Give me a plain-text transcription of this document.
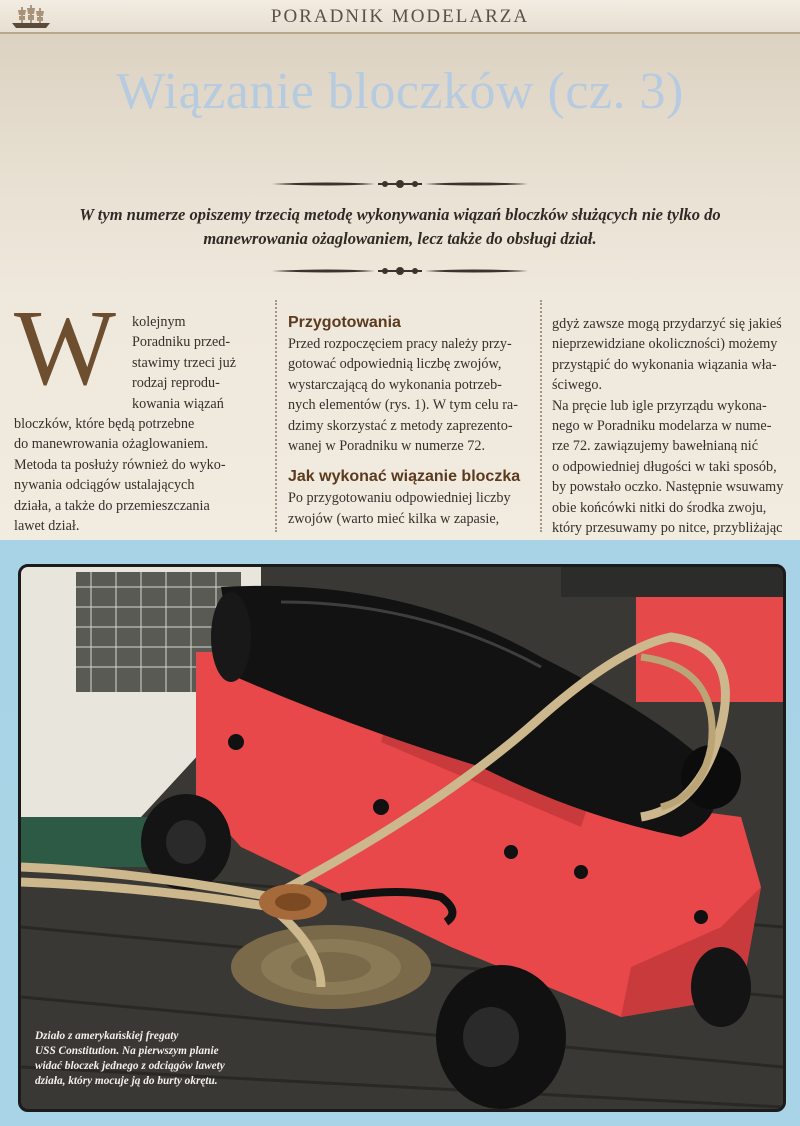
PORADNIK MODELARZA
Wiązanie bloczków (cz. 3)
W tym numerze opiszemy trzecią metodę wykonywania wiązań bloczków służących nie tylko do manewrowania ożaglowaniem, lecz także do obsługi dział.
W	kolejnym
Poradniku przed-
stawimy trzeci już
rodzaj reprodu-
kowania wiązań
bloczków, które będą potrzebne
do manewrowania ożaglowaniem.
Metoda ta posłuży również do wyko-
nywania odciągów ustalających
działa, a także do przemieszczania
lawet dział.
Przygotowania
Przed rozpoczęciem pracy należy przy-
gotować odpowiednią liczbę zwojów,
wystarczającą do wykonania potrzeb-
nych elementów (rys. 1). W tym celu ra-
dzimy skorzystać z metody zaprezento-
wanej w Poradniku w numerze 72.
Jak wykonać wiązanie bloczka
Po przygotowaniu odpowiedniej liczby
zwojów (warto mieć kilka w zapasie,
gdyż zawsze mogą przydarzyć się jakieś
nieprzewidziane okoliczności) możemy
przystąpić do wykonania wiązania wła-
ściwego.
Na pręcie lub igle przyrządu wykona-
nego w Poradniku modelarza w nume-
rze 72. zawiązujemy bawełnianą nić
o odpowiedniej długości w taki sposób,
by powstało oczko. Następnie wsuwamy
obie końcówki nitki do środka zwoju,
który przesuwamy po nitce, przybliżając
Działo z amerykańskiej fregaty
USS Constitution. Na pierwszym planie
widać bloczek jednego z odciągów lawety
działa, który mocuje ją do burty okrętu.
